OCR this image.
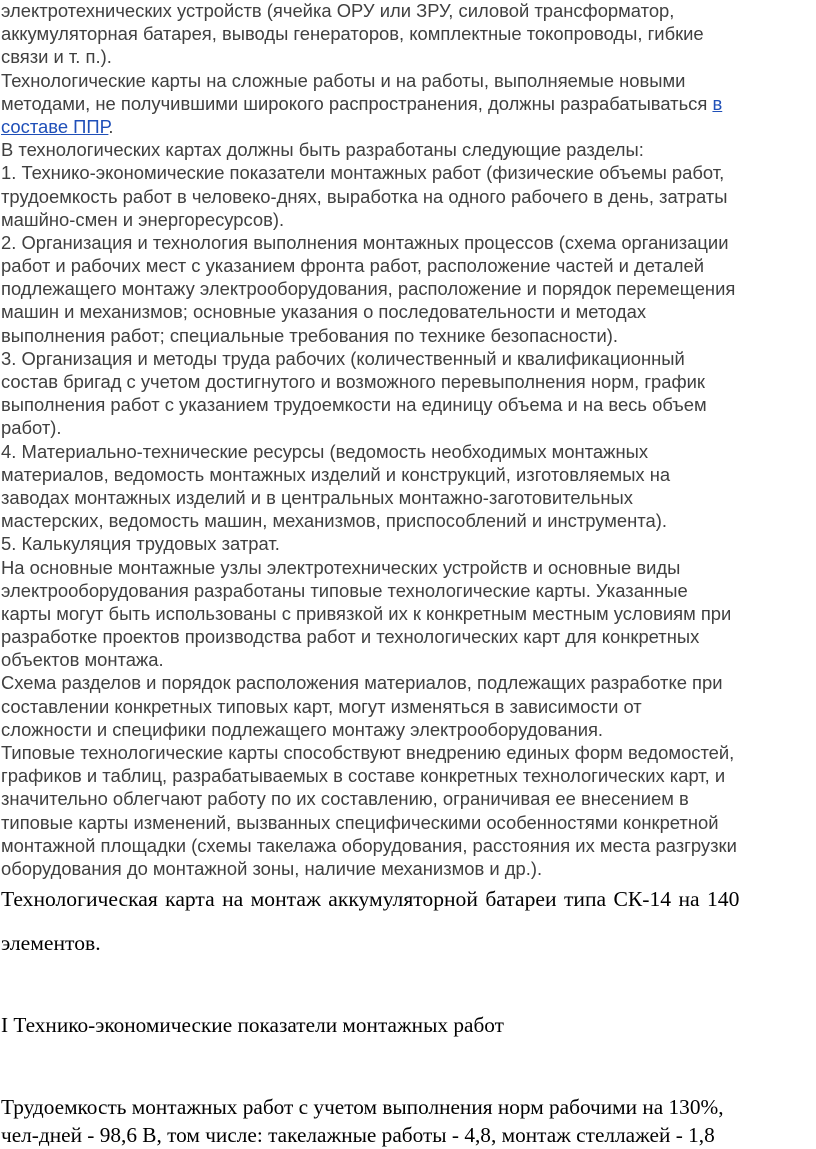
электротехнических устройств (ячейка ОРУ или ЗРУ, силовой трансформатор,
аккумуляторная батарея, выводы генераторов, комплектные токопроводы, гибкие
связи и т. п.).
Технологические карты на сложные работы и на работы, выполняемые новыми
методами, не получившими широкого распространения, должны разрабатываться в
составе ППР.
В технологических картах должны быть разработаны следующие разделы:
1. Технико-экономические показатели монтажных работ (физические объемы работ,
трудоемкость работ в человеко-днях, выработка на одного рабочего в день, затраты
машйно-смен и энергоресурсов).
2. Организация и технология выполнения монтажных процессов (схема организации
работ и рабочих мест с указанием фронта работ, расположение частей и деталей
подлежащего монтажу электрооборудования, расположение и порядок перемещения
машин и механизмов; основные указания о последовательности и методах
выполнения работ; специальные требования по технике безопасности).
3. Организация и методы труда рабочих (количественный и квалификационный
состав бригад с учетом достигнутого и возможного перевыполнения норм, график
выполнения работ с указанием трудоемкости на единицу объема и на весь объем
работ).
4. Материально-технические ресурсы (ведомость необходимых монтажных
материалов, ведомость монтажных изделий и конструкций, изготовляемых на
заводах монтажных изделий и в центральных монтажно-заготовительных
мастерских, ведомость машин, механизмов, приспособлений и инструмента).
5. Калькуляция трудовых затрат.
На основные монтажные узлы электротехнических устройств и основные виды
электрооборудования разработаны типовые технологические карты. Указанные
карты могут быть использованы с привязкой их к конкретным местным условиям при
разработке проектов производства работ и технологических карт для конкретных
объектов монтажа.
Схема разделов и порядок расположения материалов, подлежащих разработке при
составлении конкретных типовых карт, могут изменяться в зависимости от
сложности и специфики подлежащего монтажу электрооборудования.
Типовые технологические карты способствуют внедрению единых форм ведомостей,
графиков и таблиц, разрабатываемых в составе конкретных технологических карт, и
значительно облегчают работу по их составлению, ограничивая ее внесением в
типовые карты изменений, вызванных специфическими особенностями конкретной
монтажной площадки (схемы такелажа оборудования, расстояния их места разгрузки
оборудования до монтажной зоны, наличие механизмов и др.).
Технологическая карта на монтаж аккумуляторной батареи типа СК-14 на 140
элементов.
I Технико-экономические показатели монтажных работ
Трудоемкость монтажных работ с учетом выполнения норм рабочими на 130%,
чел-дней - 98,6 В, том числе: такелажные работы - 4,8, монтаж стеллажей - 1,8
